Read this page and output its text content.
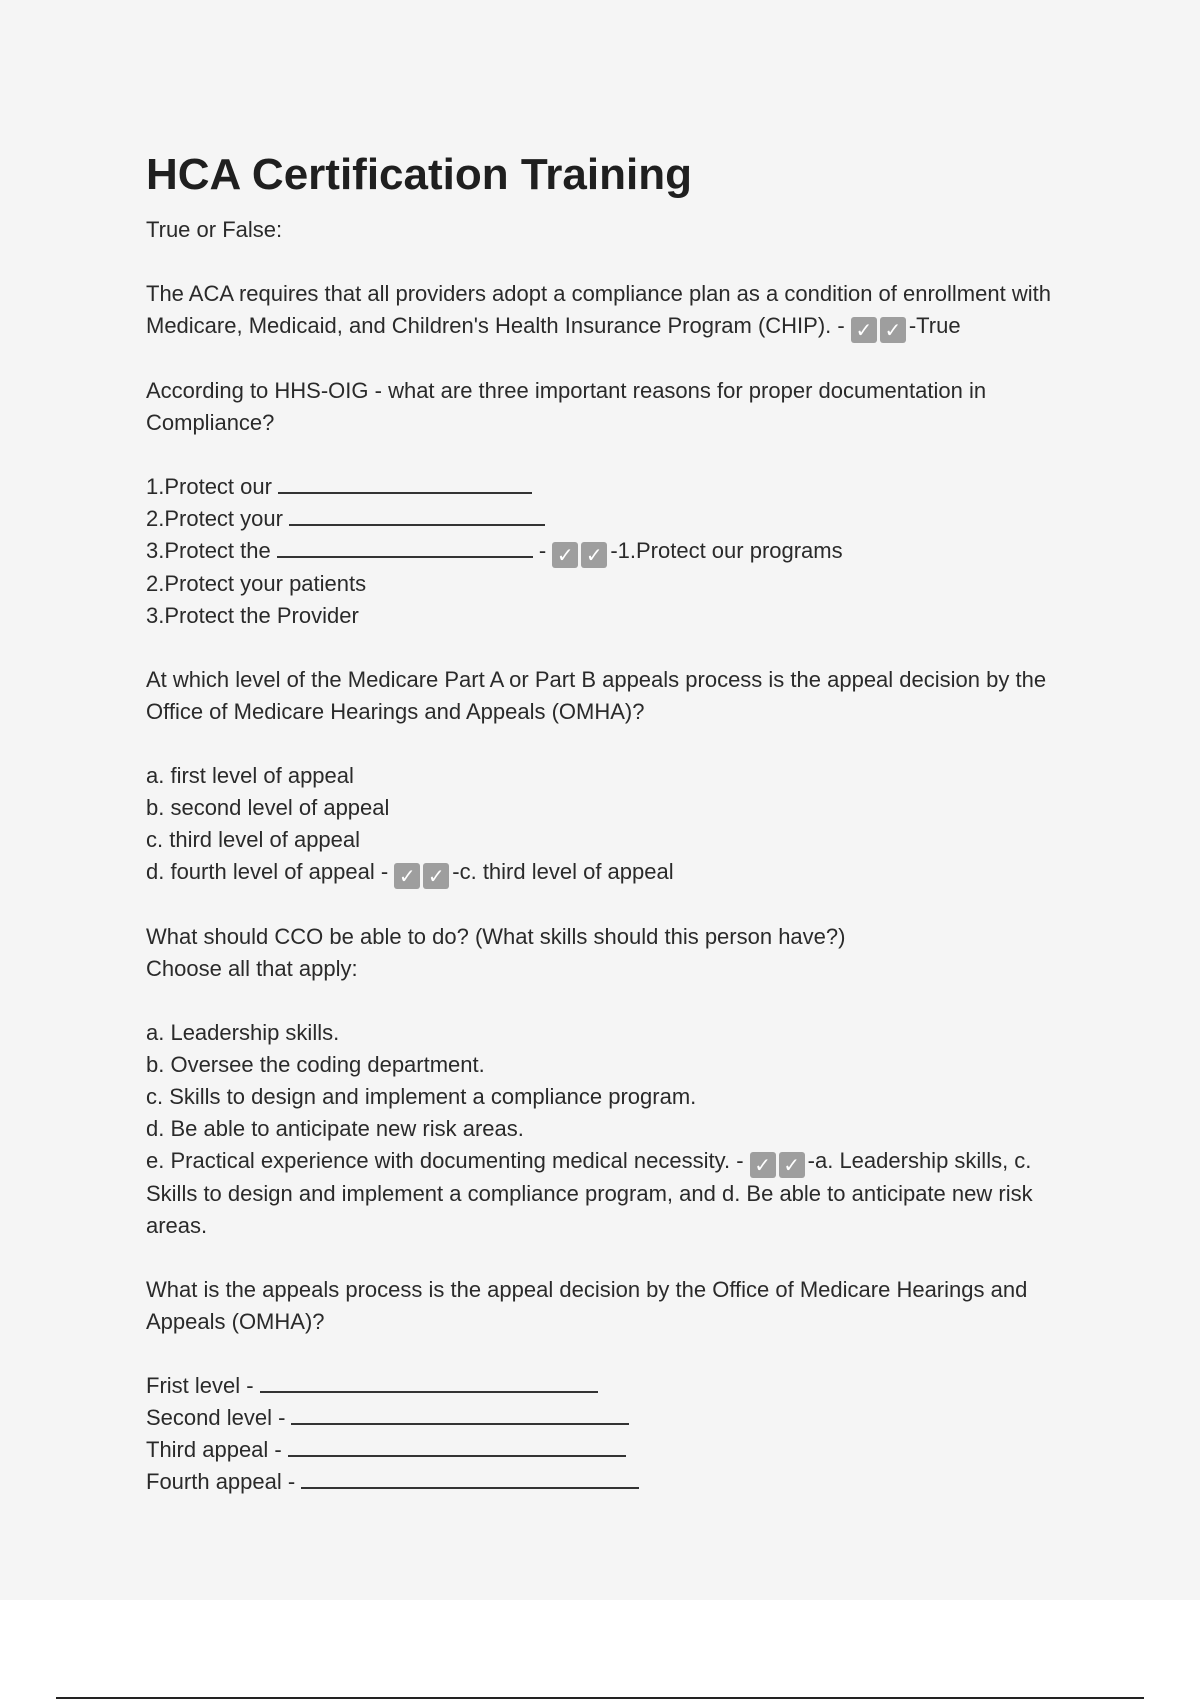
HCA Certification Training
True or False:
The ACA requires that all providers adopt a compliance plan as a condition of enrollment with Medicare, Medicaid, and Children's Health Insurance Program (CHIP). - ✓ ✓ -True
According to HHS-OIG - what are three important reasons for proper documentation in Compliance?
1.Protect our
2.Protect your
3.Protect the	- ✓ ✓ -1.Protect our programs
2.Protect your patients
3.Protect the Provider
At which level of the Medicare Part A or Part B appeals process is the appeal decision by the Office of Medicare Hearings and Appeals (OMHA)?
a. first level of appeal
b. second level of appeal
c. third level of appeal
d. fourth level of appeal - ✓ ✓ -c. third level of appeal
What should CCO be able to do? (What skills should this person have?)
Choose all that apply:
a. Leadership skills.
b. Oversee the coding department.
c. Skills to design and implement a compliance program.
d. Be able to anticipate new risk areas.
e. Practical experience with documenting medical necessity. - ✓ ✓ -a. Leadership skills, c. Skills to design and implement a compliance program, and d. Be able to anticipate new risk areas.
What is the appeals process is the appeal decision by the Office of Medicare Hearings and Appeals (OMHA)?
Frist level -
Second level -
Third appeal -
Fourth appeal -
